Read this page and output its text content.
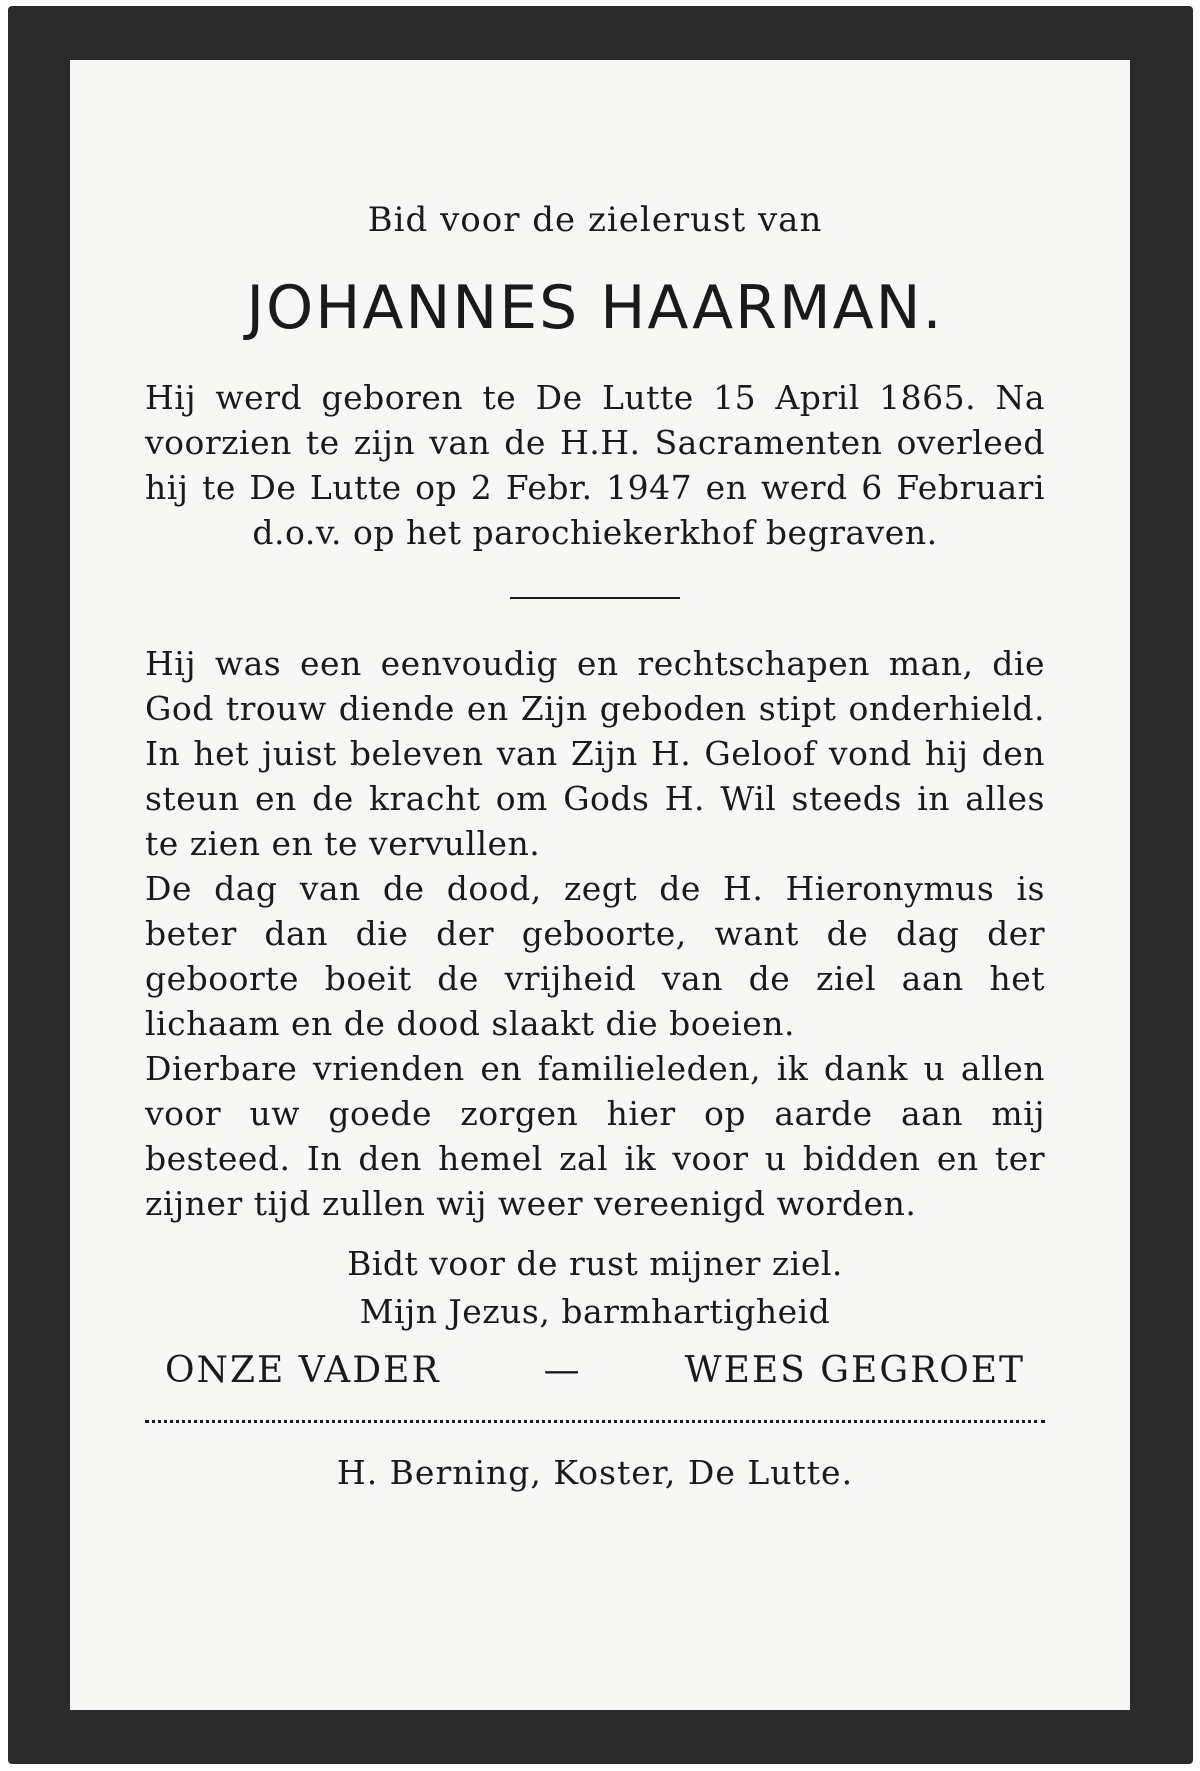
Bid voor de zielerust van

JOHANNES HAARMAN.

Hij werd geboren te De Lutte 15 April 1865. Na voorzien te zijn van de H.H. Sacramenten overleed hij te De Lutte op 2 Febr. 1947 en werd 6 Februari d.o.v. op het parochiekerkhof begraven.

Hij was een eenvoudig en rechtschapen man, die God trouw diende en Zijn geboden stipt onderhield. In het juist beleven van Zijn H. Geloof vond hij den steun en de kracht om Gods H. Wil steeds in alles te zien en te vervullen.

De dag van de dood, zegt de H. Hieronymus is beter dan die der geboorte, want de dag der geboorte boeit de vrijheid van de ziel aan het lichaam en de dood slaakt die boeien.

Dierbare vrienden en familieleden, ik dank u allen voor uw goede zorgen hier op aarde aan mij besteed. In den hemel zal ik voor u bidden en ter zijner tijd zullen wij weer vereenigd worden.

Bidt voor de rust mijner ziel.

Mijn Jezus, barmhartigheid

ONZE VADER	—	WEES GEGROET

H. Berning, Koster, De Lutte.
